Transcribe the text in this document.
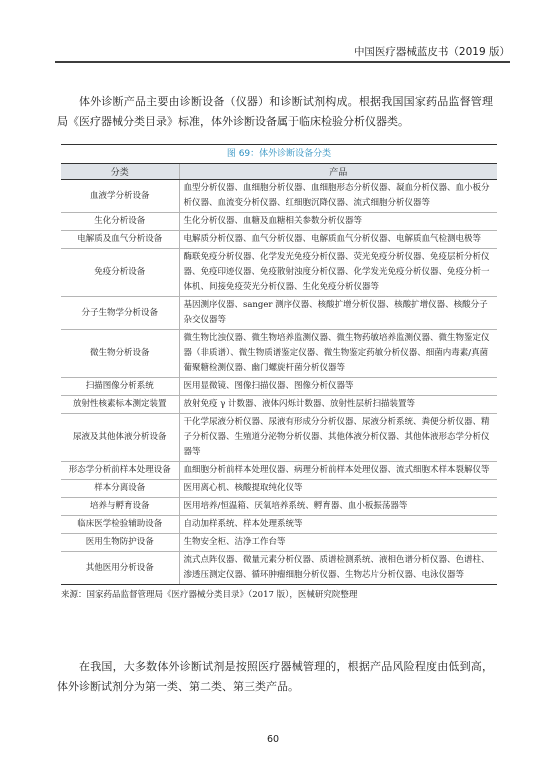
中国医疗器械蓝皮书（2019 版）

体外诊断产品主要由诊断设备（仪器）和诊断试剂构成。根据我国国家药品监督管理局《医疗器械分类目录》标准，体外诊断设备属于临床检验分析仪器类。

图 69：体外诊断设备分类
分类	产品
血液学分析设备	血型分析仪器、血细胞分析仪器、血细胞形态分析仪器、凝血分析仪器、血小板分析仪器、血流变分析仪器、红细胞沉降仪器、流式细胞分析仪器等
生化分析设备	生化分析仪器、血糖及血糖相关参数分析仪器等
电解质及血气分析设备	电解质分析仪器、血气分析仪器、电解质血气分析仪器、电解质血气检测电极等
免疫分析设备	酶联免疫分析仪器、化学发光免疫分析仪器、荧光免疫分析仪器、免疫层析分析仪器、免疫印迹仪器、免疫散射浊度分析仪器、化学发光免疫分析仪器、免疫分析一体机、间接免疫荧光分析仪器、生化免疫分析仪器等
分子生物学分析设备	基因测序仪器、sanger 测序仪器、核酸扩增分析仪器、核酸扩增仪器、核酸分子杂交仪器等
微生物分析设备	微生物比浊仪器、微生物培养监测仪器、微生物药敏培养监测仪器、微生物鉴定仪器（非质谱）、微生物质谱鉴定仪器、微生物鉴定药敏分析仪器、细菌内毒素/真菌葡聚糖检测仪器、幽门螺旋杆菌分析仪器等
扫描图像分析系统	医用显微镜、图像扫描仪器、图像分析仪器等
放射性核素标本测定装置	放射免疫 γ 计数器、液体闪烁计数器、放射性层析扫描装置等
尿液及其他体液分析设备	干化学尿液分析仪器、尿液有形成分分析仪器、尿液分析系统、粪便分析仪器、精子分析仪器、生殖道分泌物分析仪器、其他体液分析仪器、其他体液形态学分析仪器等
形态学分析前样本处理设备	血细胞分析前样本处理仪器、病理分析前样本处理仪器、流式细胞术样本裂解仪等
样本分离设备	医用离心机、核酸提取纯化仪等
培养与孵育设备	医用培养/恒温箱、厌氧培养系统、孵育器、血小板振荡器等
临床医学检验辅助设备	自动加样系统、样本处理系统等
医用生物防护设备	生物安全柜、洁净工作台等
其他医用分析设备	流式点阵仪器、微量元素分析仪器、质谱检测系统、液相色谱分析仪器、色谱柱、渗透压测定仪器、循环肿瘤细胞分析仪器、生物芯片分析仪器、电泳仪器等
来源：国家药品监督管理局《医疗器械分类目录》（2017 版），医械研究院整理

在我国，大多数体外诊断试剂是按照医疗器械管理的，根据产品风险程度由低到高，体外诊断试剂分为第一类、第二类、第三类产品。

60
